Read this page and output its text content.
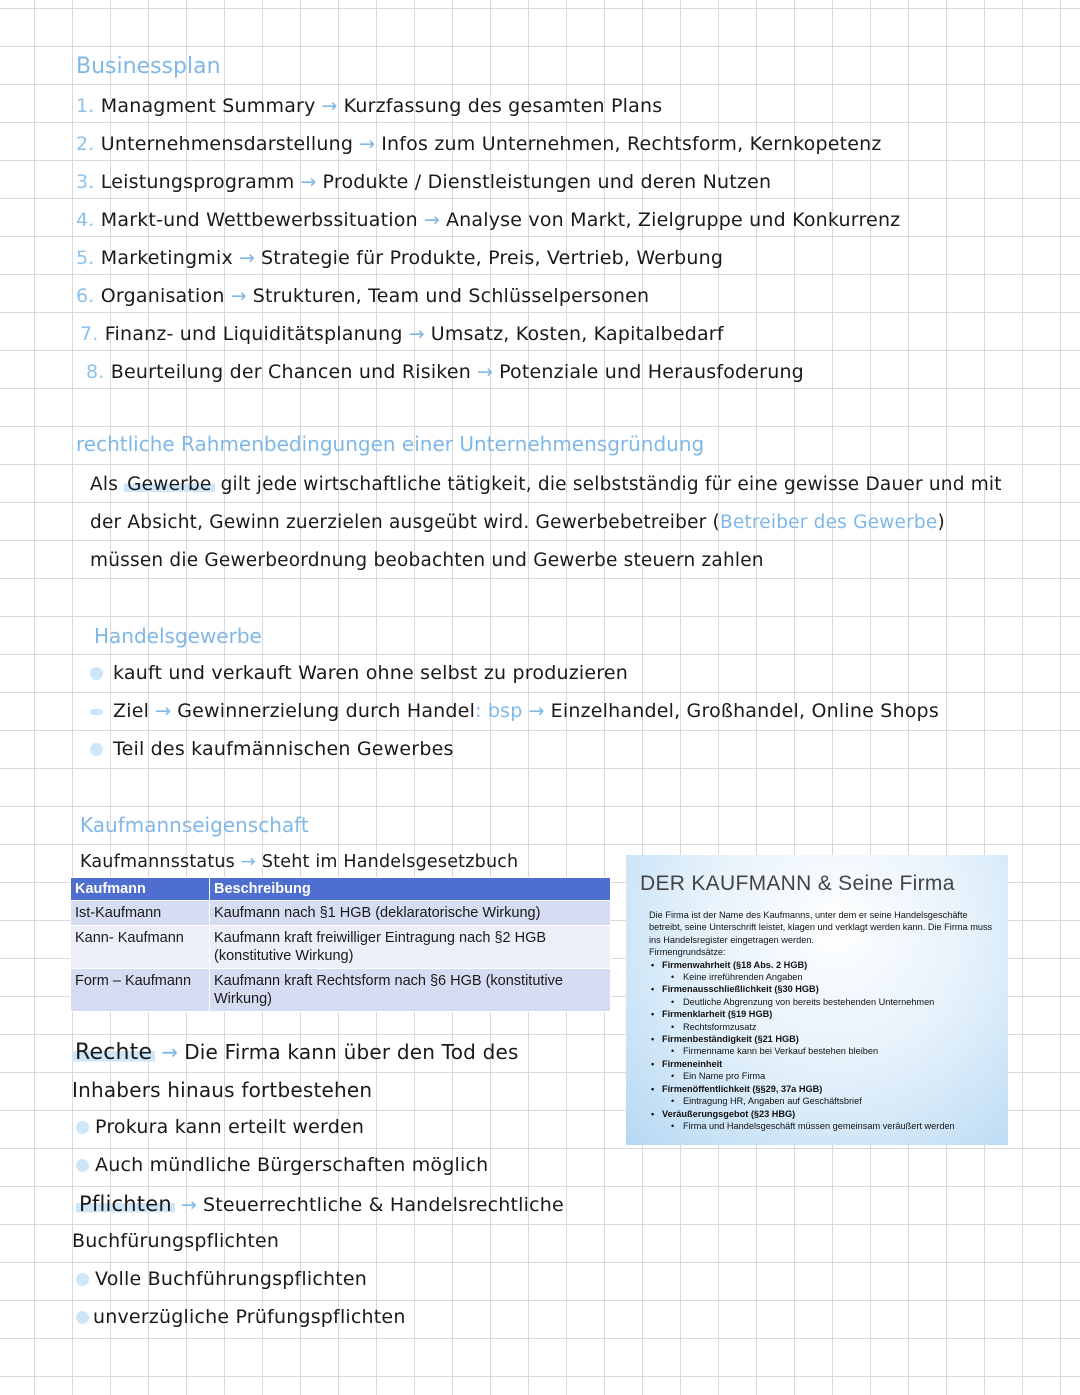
Businessplan
1. Managment Summary → Kurzfassung des gesamten Plans
2. Unternehmensdarstellung → Infos zum Unternehmen, Rechtsform, Kernkopetenz
3. Leistungsprogramm → Produkte / Dienstleistungen und deren Nutzen
4. Markt-und Wettbewerbssituation → Analyse von Markt, Zielgruppe und Konkurrenz
5. Marketingmix → Strategie für Produkte, Preis, Vertrieb, Werbung
6. Organisation → Strukturen, Team und Schlüsselpersonen
7. Finanz- und Liquiditätsplanung → Umsatz, Kosten, Kapitalbedarf
8. Beurteilung der Chancen und Risiken → Potenziale und Herausfoderung
rechtliche Rahmenbedingungen einer Unternehmensgründung
Als Gewerbe gilt jede wirtschaftliche tätigkeit, die selbstständig für eine gewisse Dauer und mit
der Absicht, Gewinn zuerzielen ausgeübt wird. Gewerbebetreiber (Betreiber des Gewerbe)
müssen die Gewerbeordnung beobachten und Gewerbe steuern zahlen
Handelsgewerbe
kauft und verkauft Waren ohne selbst zu produzieren
Ziel → Gewinnerzielung durch Handel: bsp → Einzelhandel, Großhandel, Online Shops
Teil des kaufmännischen Gewerbes
Kaufmannseigenschaft
Kaufmannsstatus → Steht im Handelsgesetzbuch
Kaufmann	Beschreibung
Ist-Kaufmann	Kaufmann nach §1 HGB (deklaratorische Wirkung)
Kann- Kaufmann	Kaufmann kraft freiwilliger Eintragung nach §2 HGB (konstitutive Wirkung)
Form – Kaufmann	Kaufmann kraft Rechtsform nach §6 HGB (konstitutive Wirkung)
DER KAUFMANN & Seine Firma
Die Firma ist der Name des Kaufmanns, unter dem er seine Handelsgeschäfte betreibt, seine Unterschrift leistet, klagen und verklagt werden kann. Die Firma muss ins Handelsregister eingetragen werden.
Firmengrundsätze:
• Firmenwahrheit (§18 Abs. 2 HGB)
• Keine irreführenden Angaben
• Firmenausschließlichkeit (§30 HGB)
• Deutliche Abgrenzung von bereits bestehenden Unternehmen
• Firmenklarheit (§19 HGB)
• Rechtsformzusatz
• Firmenbeständigkeit (§21 HGB)
• Firmenname kann bei Verkauf bestehen bleiben
• Firmeneinheit
• Ein Name pro Firma
• Firmenöffentlichkeit (§§29, 37a HGB)
• Eintragung HR, Angaben auf Geschäftsbrief
• Veräußerungsgebot (§23 HBG)
• Firma und Handelsgeschäft müssen gemeinsam veräußert werden
Rechte → Die Firma kann über den Tod des
Inhabers hinaus fortbestehen
Prokura kann erteilt werden
Auch mündliche Bürgerschaften möglich
Pflichten → Steuerrechtliche & Handelsrechtliche
Buchfürungspflichten
Volle Buchführungspflichten
unverzügliche Prüfungspflichten
